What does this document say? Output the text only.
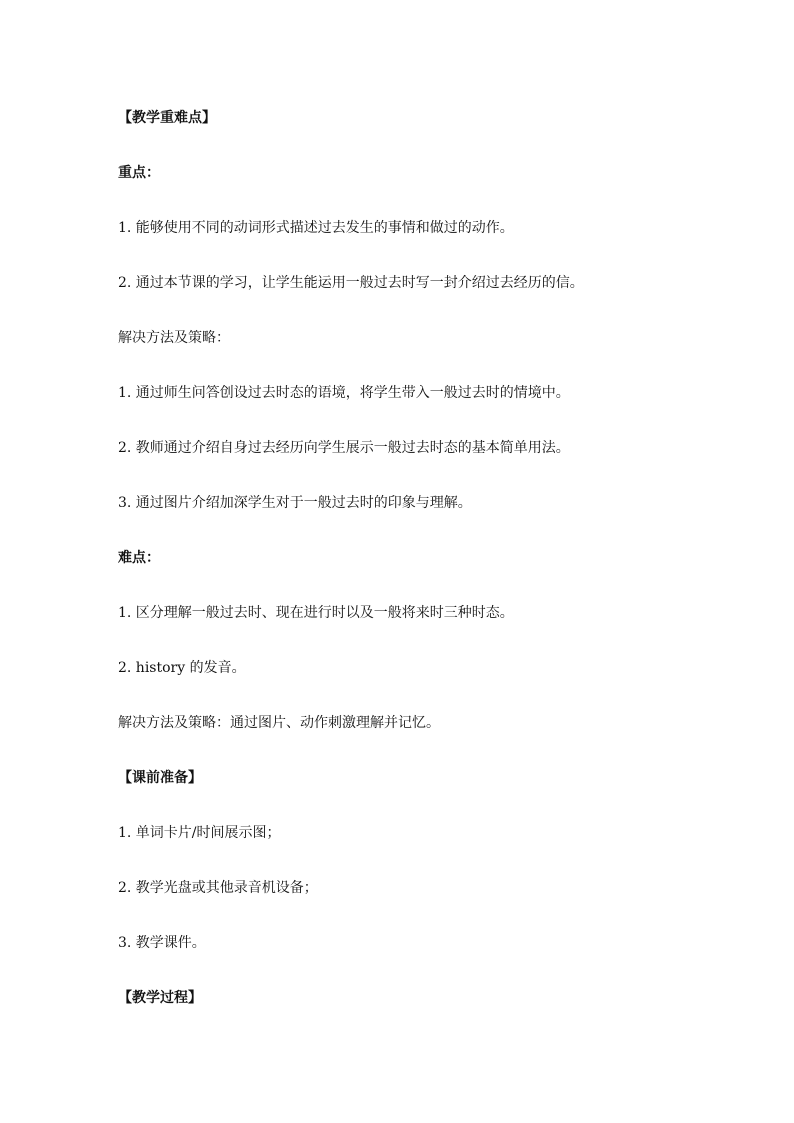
【教学重难点】

重点：

1. 能够使用不同的动词形式描述过去发生的事情和做过的动作。

2. 通过本节课的学习，让学生能运用一般过去时写一封介绍过去经历的信。

解决方法及策略：

1. 通过师生问答创设过去时态的语境，将学生带入一般过去时的情境中。

2. 教师通过介绍自身过去经历向学生展示一般过去时态的基本简单用法。

3. 通过图片介绍加深学生对于一般过去时的印象与理解。

难点：

1. 区分理解一般过去时、现在进行时以及一般将来时三种时态。

2. history 的发音。

解决方法及策略：通过图片、动作刺激理解并记忆。

【课前准备】

1. 单词卡片/时间展示图；

2. 教学光盘或其他录音机设备；

3. 教学课件。

【教学过程】
